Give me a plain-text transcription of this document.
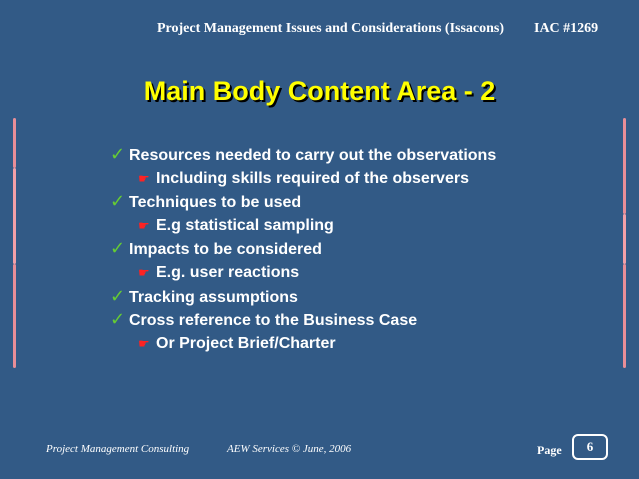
Project Management Issues and Considerations (Issacons) IAC #1269
Main Body Content Area - 2
✓ Resources needed to carry out the observations
☛ Including skills required of the observers
✓ Techniques to be used
☛ E.g statistical sampling
✓ Impacts to be considered
☛ E.g. user reactions
✓ Tracking assumptions
✓ Cross reference to the Business Case
☛ Or Project Brief/Charter
Project Management Consulting	AEW Services © June, 2006	Page	6
